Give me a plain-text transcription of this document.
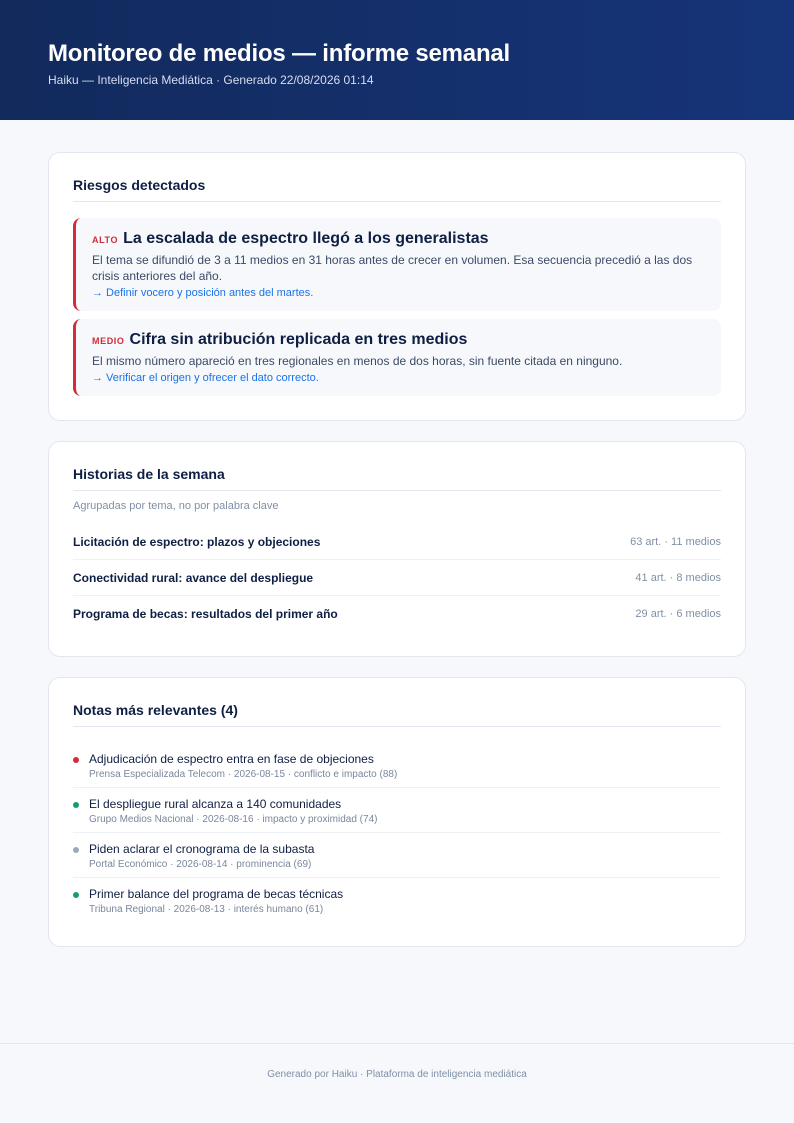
Monitoreo de medios — informe semanal
Haiku — Inteligencia Mediática · Generado 22/08/2026 01:14
Riesgos detectados
ALTO La escalada de espectro llegó a los generalistas
El tema se difundió de 3 a 11 medios en 31 horas antes de crecer en volumen. Esa secuencia precedió a las dos crisis anteriores del año.
→ Definir vocero y posición antes del martes.
MEDIO Cifra sin atribución replicada en tres medios
El mismo número apareció en tres regionales en menos de dos horas, sin fuente citada en ninguno.
→ Verificar el origen y ofrecer el dato correcto.
Historias de la semana
Agrupadas por tema, no por palabra clave
Licitación de espectro: plazos y objeciones	63 art. · 11 medios
Conectividad rural: avance del despliegue	41 art. · 8 medios
Programa de becas: resultados del primer año	29 art. · 6 medios
Notas más relevantes (4)
Adjudicación de espectro entra en fase de objeciones
Prensa Especializada Telecom · 2026-08-15 · conflicto e impacto (88)
El despliegue rural alcanza a 140 comunidades
Grupo Medios Nacional · 2026-08-16 · impacto y proximidad (74)
Piden aclarar el cronograma de la subasta
Portal Económico · 2026-08-14 · prominencia (69)
Primer balance del programa de becas técnicas
Tribuna Regional · 2026-08-13 · interés humano (61)
Generado por Haiku · Plataforma de inteligencia mediática
